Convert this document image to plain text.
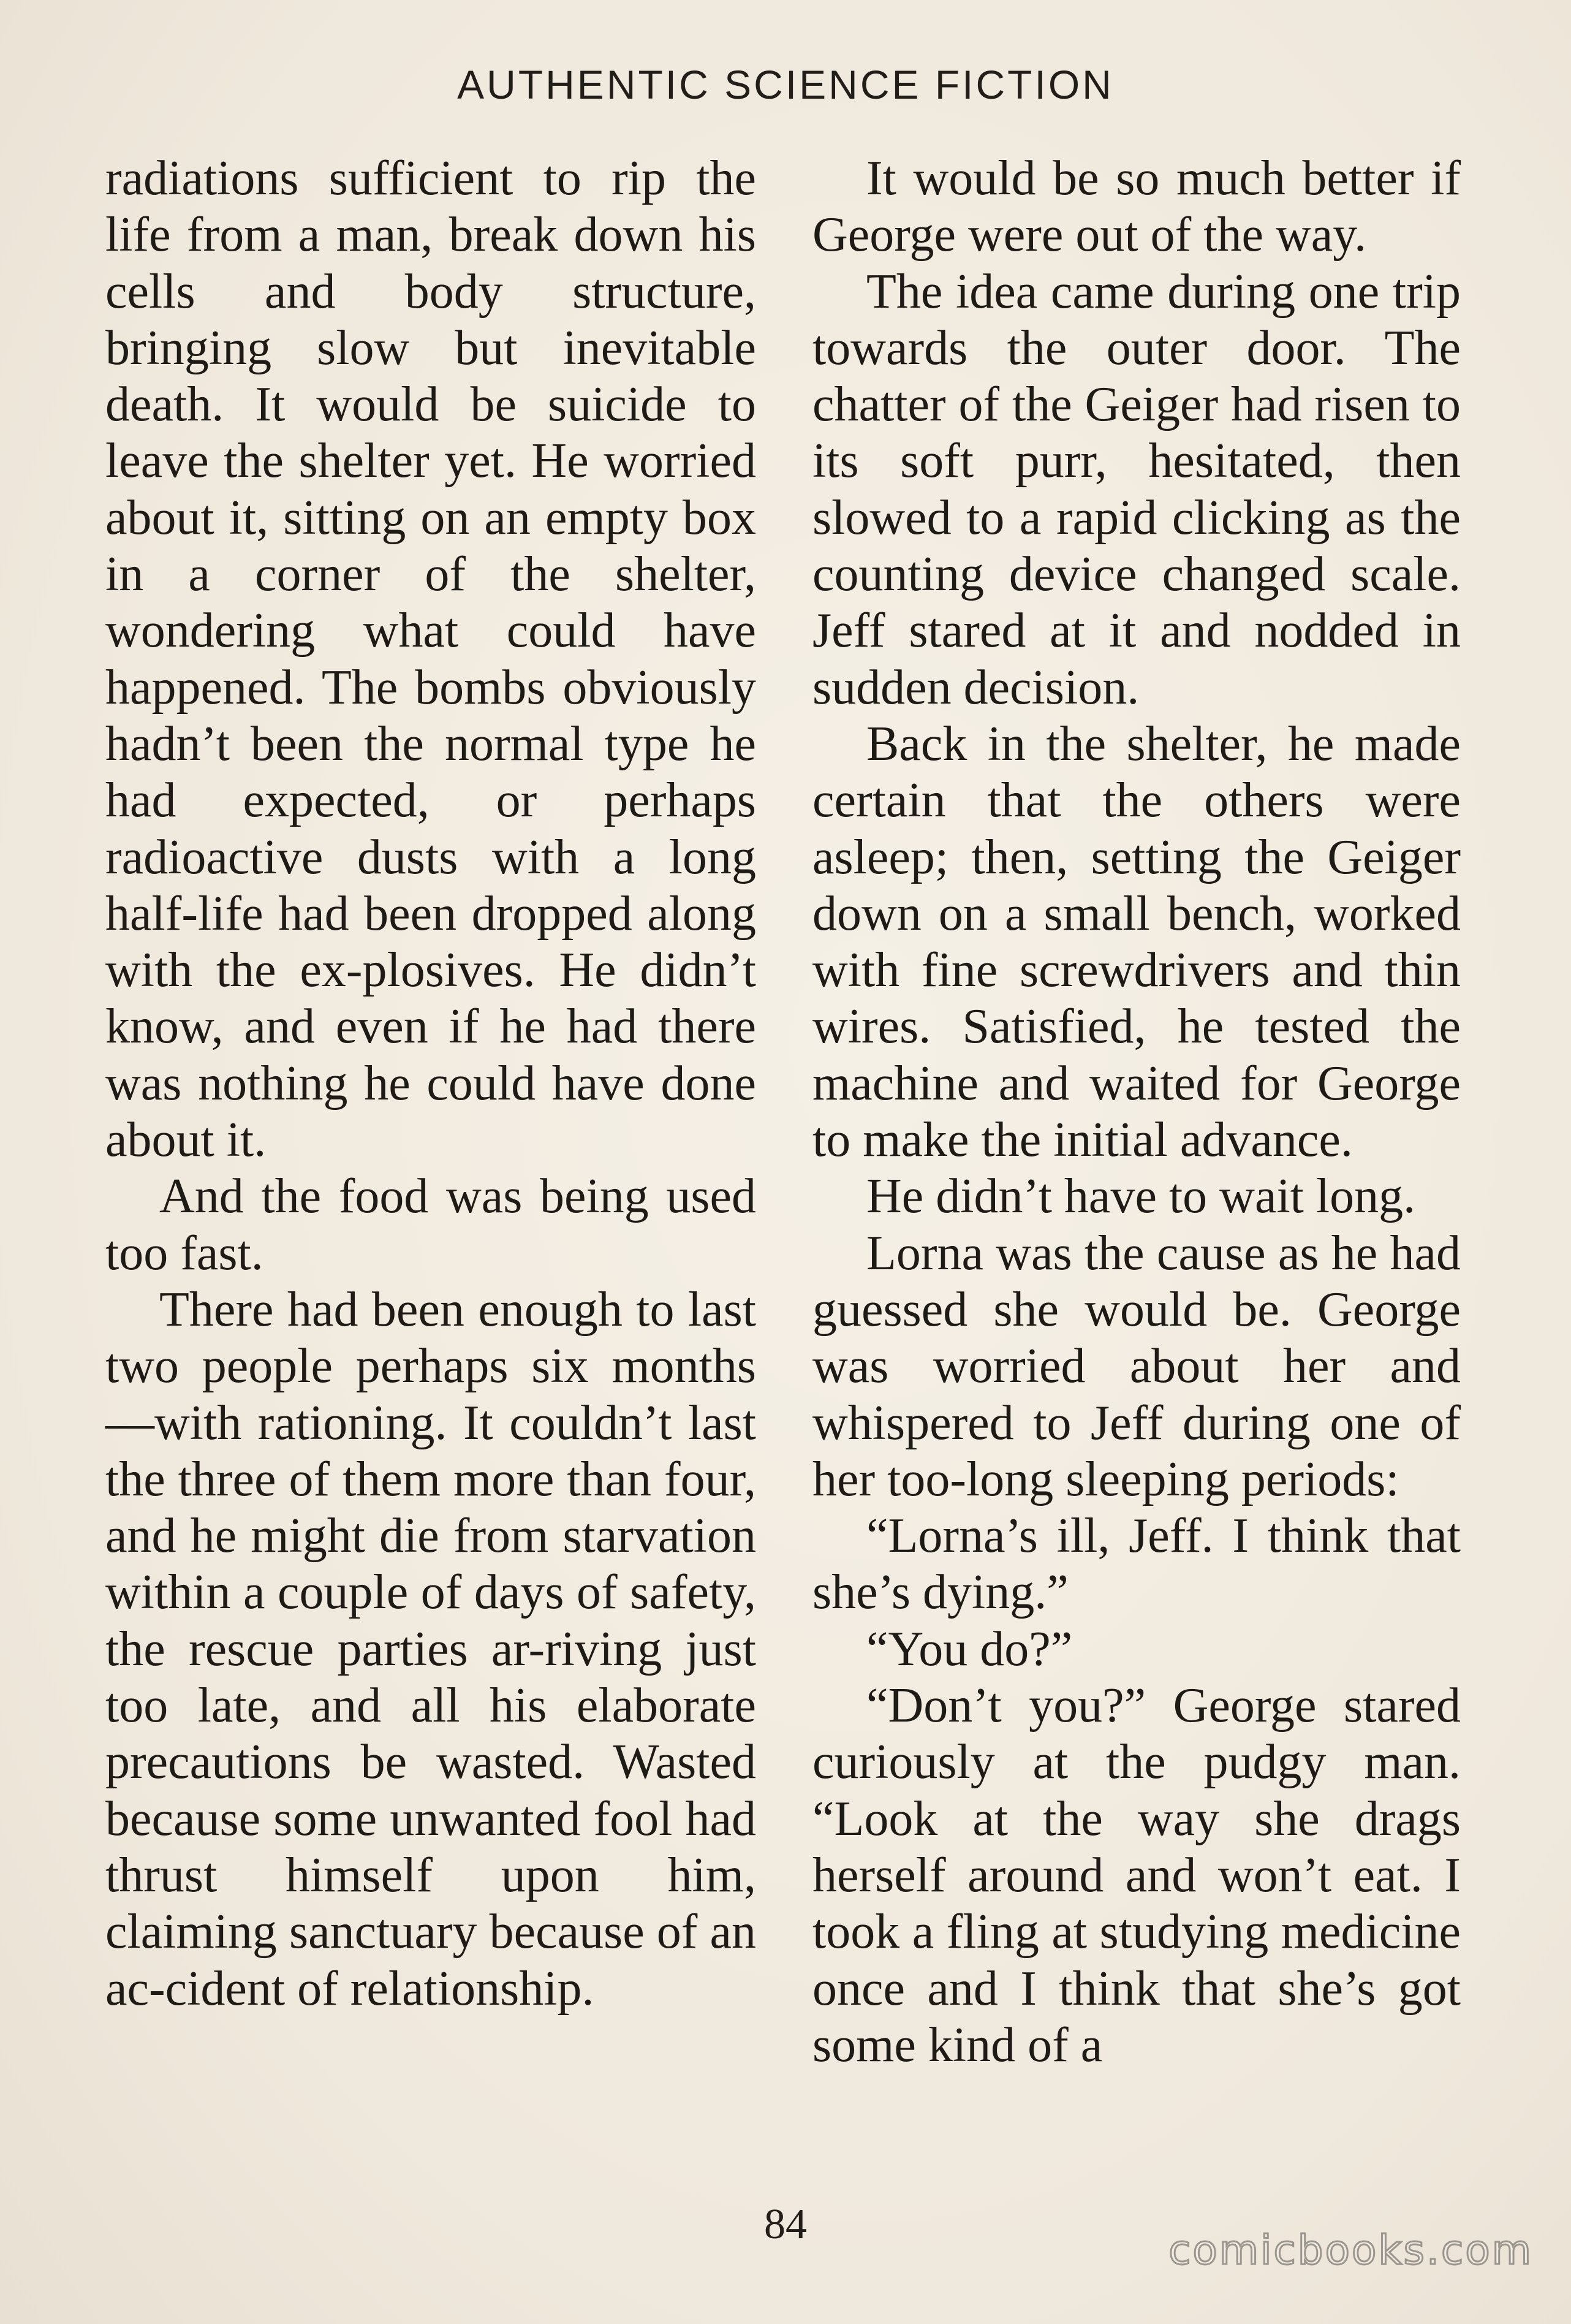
AUTHENTIC SCIENCE FICTION

radiations sufficient to rip the life from a man, break down his cells and body structure, bringing slow but inevitable death. It would be suicide to leave the shelter yet. He worried about it, sitting on an empty box in a corner of the shelter, wondering what could have happened. The bombs obviously hadn’t been the normal type he had expected, or perhaps radioactive dusts with a long half-life had been dropped along with the ex-plosives. He didn’t know, and even if he had there was nothing he could have done about it.

And the food was being used too fast.

There had been enough to last two people perhaps six months—with rationing. It couldn’t last the three of them more than four, and he might die from starvation within a couple of days of safety, the rescue parties ar-riving just too late, and all his elaborate precautions be wasted. Wasted because some unwanted fool had thrust himself upon him, claiming sanctuary because of an ac-cident of relationship.

It would be so much better if George were out of the way.

The idea came during one trip towards the outer door. The chatter of the Geiger had risen to its soft purr, hesitated, then slowed to a rapid clicking as the counting device changed scale. Jeff stared at it and nodded in sudden decision.

Back in the shelter, he made certain that the others were asleep; then, setting the Geiger down on a small bench, worked with fine screwdrivers and thin wires. Satisfied, he tested the machine and waited for George to make the initial advance.

He didn’t have to wait long.

Lorna was the cause as he had guessed she would be. George was worried about her and whispered to Jeff during one of her too-long sleeping periods:

“Lorna’s ill, Jeff. I think that she’s dying.”

“You do?”

“Don’t you?” George stared curiously at the pudgy man. “Look at the way she drags herself around and won’t eat. I took a fling at studying medicine once and I think that she’s got some kind of a

84
comicbooks.com
